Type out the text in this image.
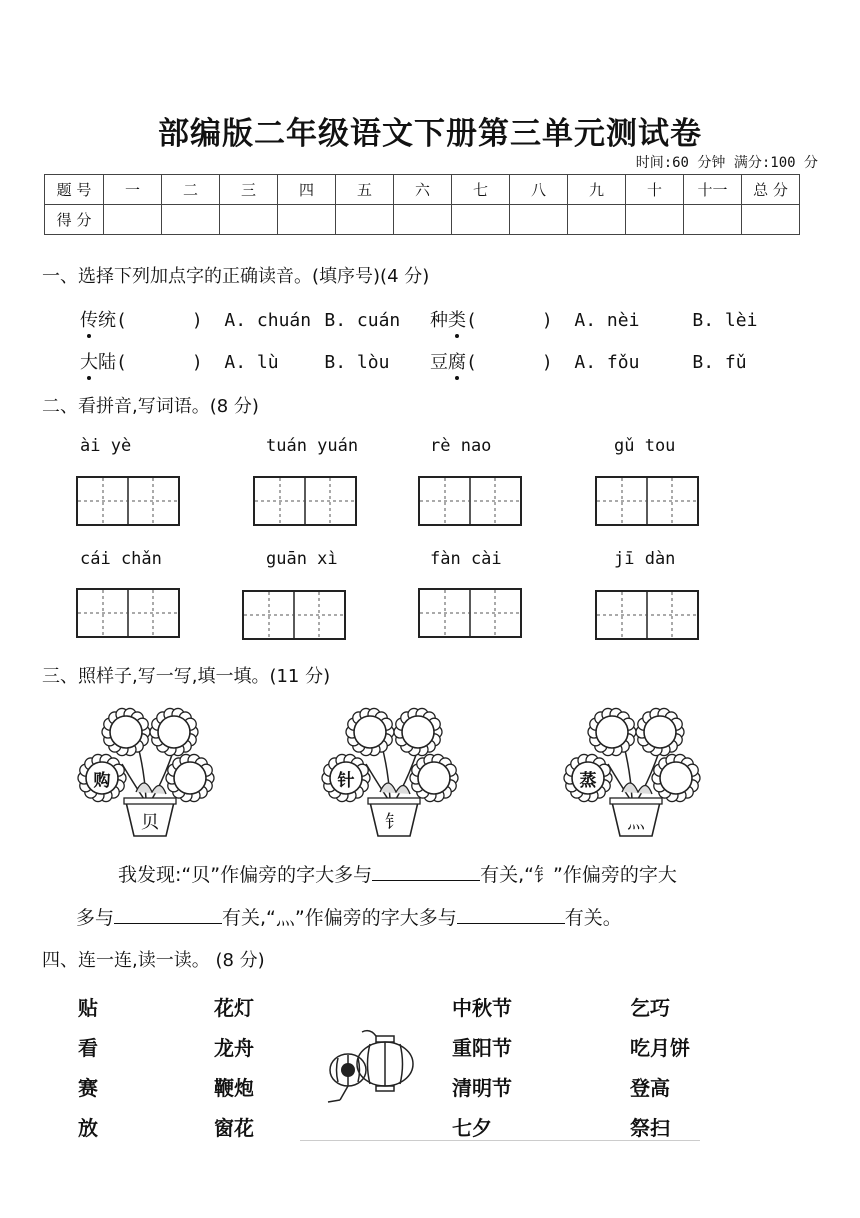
部编版二年级语文下册第三单元测试卷
时间:60 分钟 满分:100 分
题 号	一	二	三	四	五	六	七	八	九	十	十一	总 分
得 分												
一、选择下列加点字的正确读音。(填序号)(4 分)
传统(	) A. chuán B. cuán 种类(	) A. nèi	B. lèi
大陆(	) A. lù	B. lòu 豆腐(	) A. fǒu	B. fǔ
二、看拼音,写词语。(8 分)
ài yè	tuán yuán	rè nao	gǔ tou
cái chǎn	guān xì	fàn cài	jī dàn
三、照样子,写一写,填一填。(11 分)
购
贝
针
钅
蒸
灬
我发现:“贝”作偏旁的字大多与	有关,“钅”作偏旁的字大
多与	有关,“灬”作偏旁的字大多与	有关。
四、连一连,读一读。 (8 分)
贴
看
赛
放
花灯
龙舟
鞭炮
窗花
中秋节
重阳节
清明节
七夕
乞巧
吃月饼
登高
祭扫
